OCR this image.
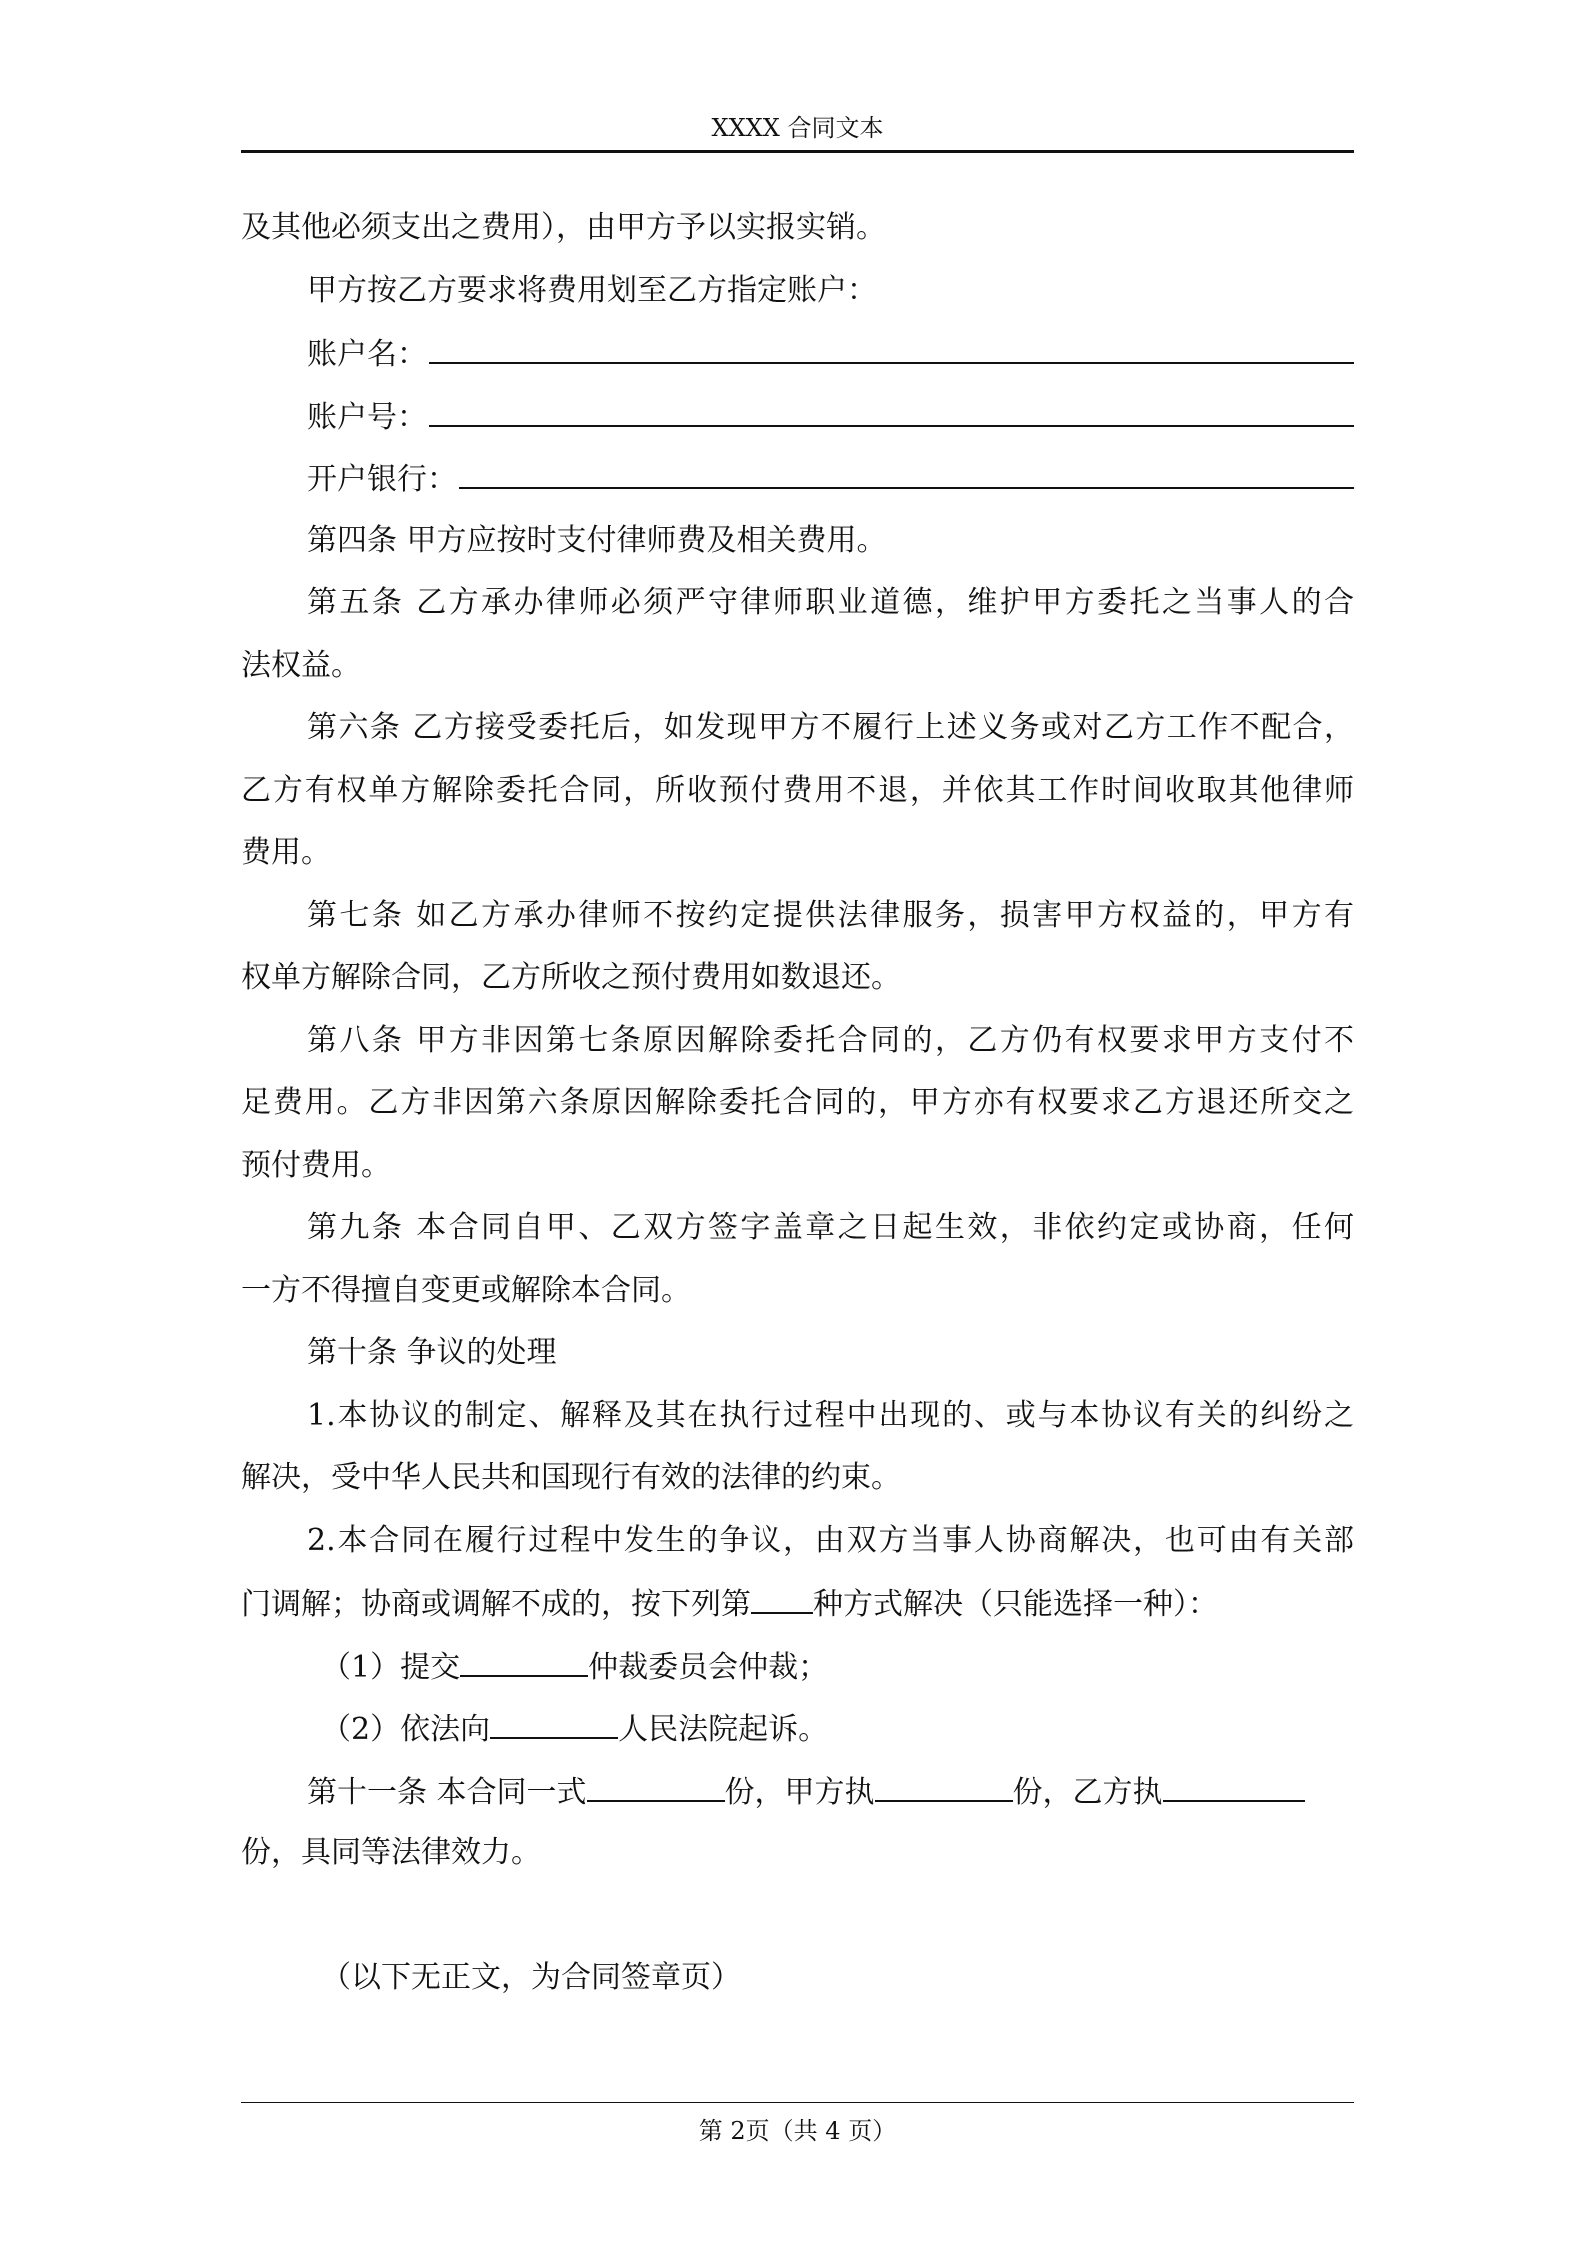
XXXX 合同文本
及其他必须支出之费用），由甲方予以实报实销。
甲方按乙方要求将费用划至乙方指定账户：
账户名：
账户号：
开户银行：
第四条 甲方应按时支付律师费及相关费用。
第五条 乙方承办律师必须严守律师职业道德，维护甲方委托之当事人的合
法权益。
第六条 乙方接受委托后，如发现甲方不履行上述义务或对乙方工作不配合，
乙方有权单方解除委托合同，所收预付费用不退，并依其工作时间收取其他律师
费用。
第七条 如乙方承办律师不按约定提供法律服务，损害甲方权益的，甲方有
权单方解除合同，乙方所收之预付费用如数退还。
第八条 甲方非因第七条原因解除委托合同的，乙方仍有权要求甲方支付不
足费用。乙方非因第六条原因解除委托合同的，甲方亦有权要求乙方退还所交之
预付费用。
第九条 本合同自甲、乙双方签字盖章之日起生效，非依约定或协商，任何
一方不得擅自变更或解除本合同。
第十条 争议的处理
1.本协议的制定、解释及其在执行过程中出现的、或与本协议有关的纠纷之
解决，受中华人民共和国现行有效的法律的约束。
2.本合同在履行过程中发生的争议，由双方当事人协商解决，也可由有关部
门调解；协商或调解不成的，按下列第 种方式解决（只能选择一种）：
（1）提交	仲裁委员会仲裁；
（2）依法向	人民法院起诉。
第十一条 本合同一式	份，甲方执	份，乙方执
份，具同等法律效力。
（以下无正文，为合同签章页）
第 2页（共 4 页）
